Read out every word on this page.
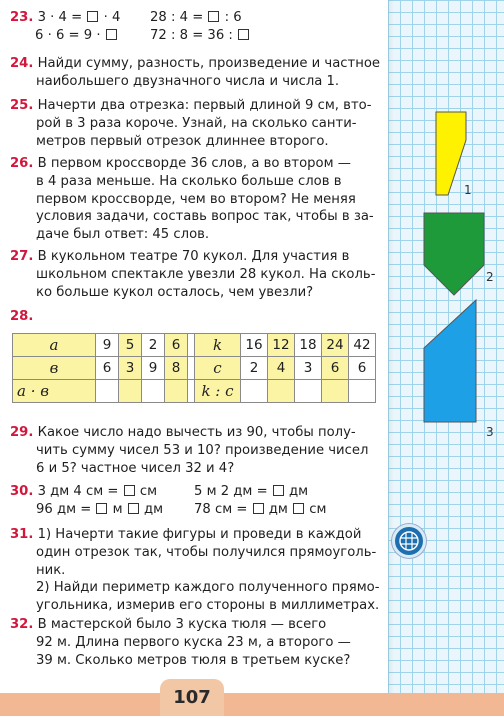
23. 3 · 4 =  · 4	28 : 4 =  : 6
6 · 6 = 9 ·	72 : 8 = 36 :
24. Найди сумму, разность, произведение и частное
наибольшего двузначного числа и числа 1.
25. Начерти два отрезка: первый длиной 9 см, вто-
рой в 3 раза короче. Узнай, на сколько санти-
метров первый отрезок длиннее второго.
26. В первом кроссворде 36 слов, а во втором —
в 4 раза меньше. На сколько больше слов в
первом кроссворде, чем во втором? Не меняя
условия задачи, составь вопрос так, чтобы в за-
даче был ответ: 45 слов.
27. В кукольном театре 70 кукол. Для участия в
школьном спектакле увезли 28 кукол. На сколь-
ко больше кукол осталось, чем увезли?
28.
a	9	5	2	6	
в	6	3	9	8	
a · в					
k	16	12	18	24	42
c	2	4	3	6	6
k : c					
29. Какое число надо вычесть из 90, чтобы полу-
чить сумму чисел 53 и 10? произведение чисел
6 и 5? частное чисел 32 и 4?
30. 3 дм 4 см =  см	5 м 2 дм =  дм
96 дм =  м  дм	78 см =  дм  см
31. 1) Начерти такие фигуры и проведи в каждой
один отрезок так, чтобы получился прямоуголь-
ник.
2) Найди периметр каждого полученного прямо-
угольника, измерив его стороны в миллиметрах.
32. В мастерской было 3 куска тюля — всего
92 м. Длина первого куска 23 м, а второго —
39 м. Сколько метров тюля в третьем куске?
1
2
3
107
